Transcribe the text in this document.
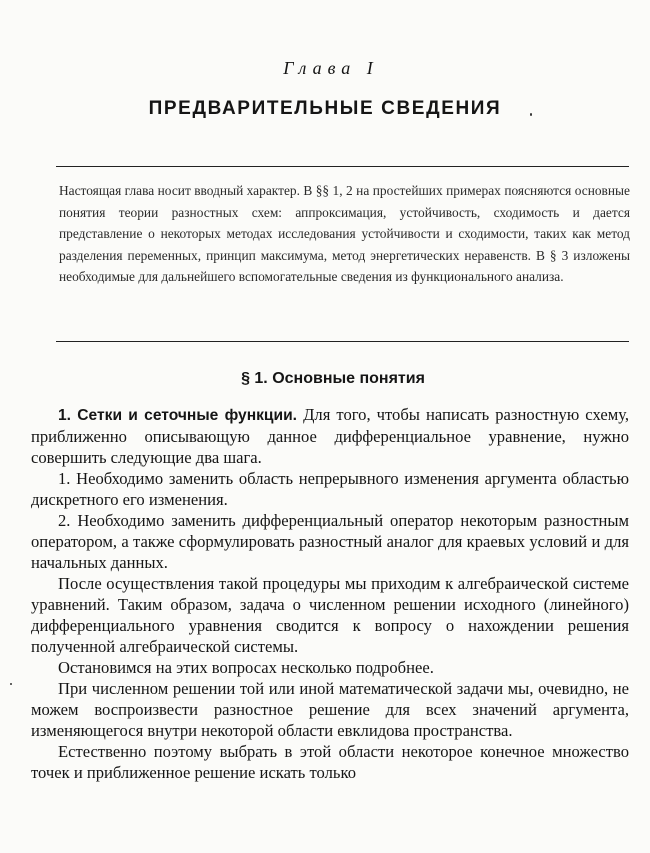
Глава I
ПРЕДВАРИТЕЛЬНЫЕ СВЕДЕНИЯ

Настоящая глава носит вводный характер. В §§ 1, 2 на простейших примерах поясняются основные понятия теории разностных схем: аппроксимация, устойчивость, сходимость и дается представление о некоторых методах исследования устойчивости и сходимости, таких как метод разделения переменных, принцип максимума, метод энергетических неравенств. В § 3 изложены необходимые для дальнейшего вспомогательные сведения из функционального анализа.

§ 1. Основные понятия

1. Сетки и сеточные функции. Для того, чтобы написать разностную схему, приближенно описывающую данное дифференциальное уравнение, нужно совершить следующие два шага.

1. Необходимо заменить область непрерывного изменения аргумента областью дискретного его изменения.

2. Необходимо заменить дифференциальный оператор некоторым разностным оператором, а также сформулировать разностный аналог для краевых условий и для начальных данных.

После осуществления такой процедуры мы приходим к алгебраической системе уравнений. Таким образом, задача о численном решении исходного (линейного) дифференциального уравнения сводится к вопросу о нахождении решения полученной алгебраической системы.

Остановимся на этих вопросах несколько подробнее.

При численном решении той или иной математической задачи мы, очевидно, не можем воспроизвести разностное решение для всех значений аргумента, изменяющегося внутри некоторой области евклидова пространства.

Естественно поэтому выбрать в этой области некоторое конечное множество точек и приближенное решение искать только
